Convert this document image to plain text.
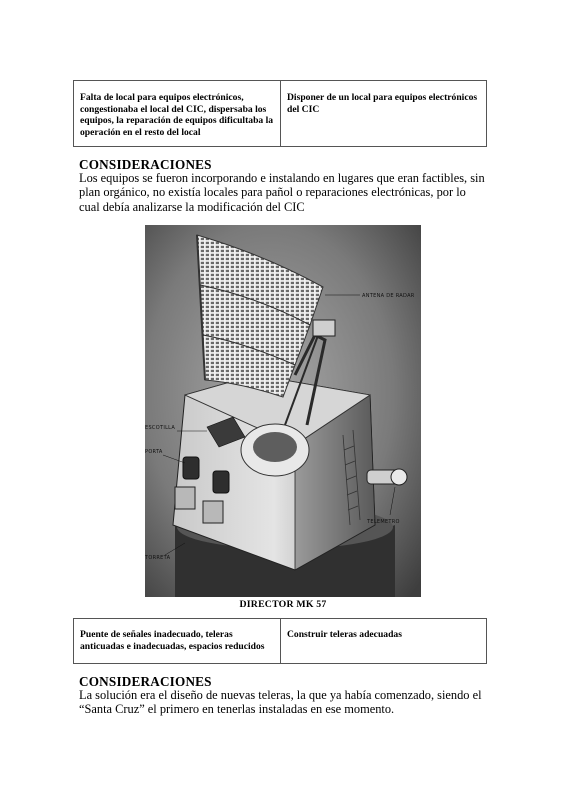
Falta de local para equipos electrónicos, congestionaba el local del CIC, dispersaba los equipos, la reparación de equipos dificultaba la operación en el resto del local
Disponer de un local para equipos electrónicos del CIC
CONSIDERACIONES
Los equipos se fueron incorporando e instalando en lugares que eran factibles, sin plan orgánico, no existía locales para pañol o reparaciones electrónicas, por lo cual debía analizarse la modificación del CIC
ANTENA DE RADAR
ESCOTILLA
PORTA
TELEMETRO
TORRETA
DIRECTOR MK 57
Puente de señales inadecuado, teleras anticuadas e inadecuadas, espacios reducidos
Construir teleras adecuadas
CONSIDERACIONES
La solución era el diseño de nuevas teleras, la que ya había comenzado, siendo el “Santa Cruz” el primero en tenerlas instaladas en ese momento.
